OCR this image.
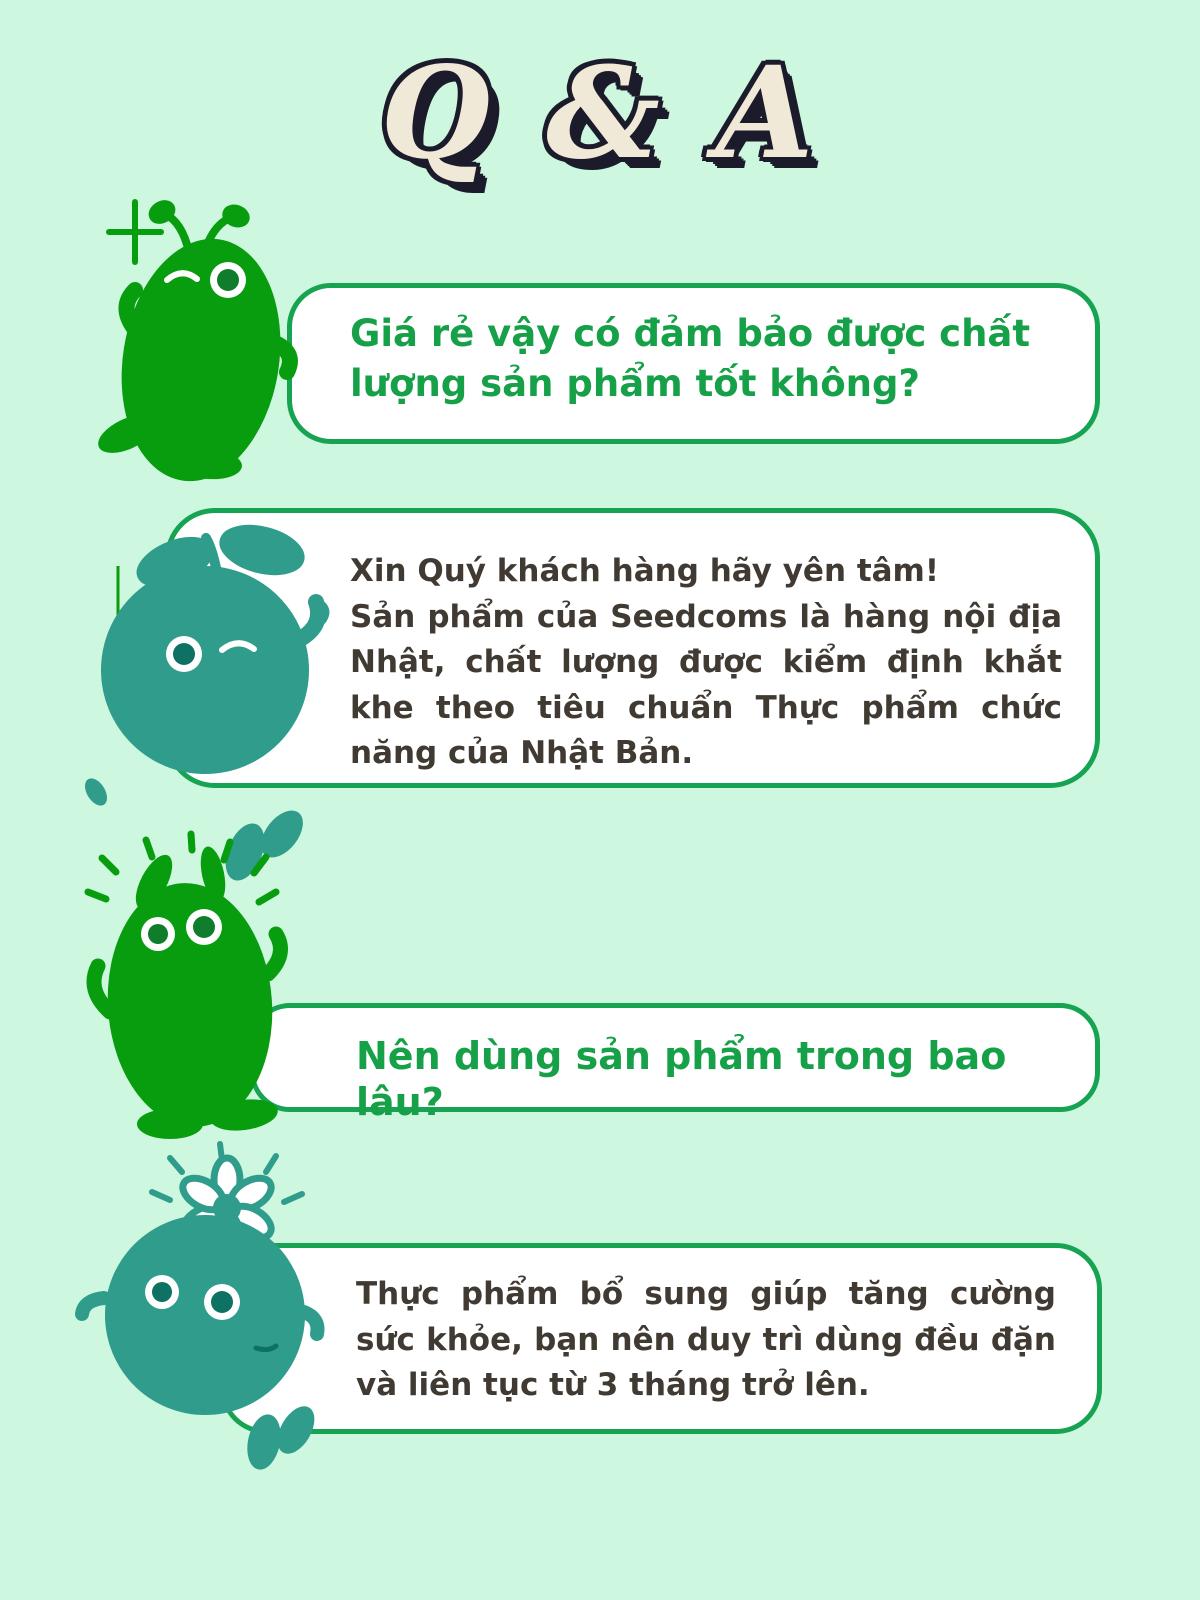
Q & A
Giá rẻ vậy có đảm bảo được chất lượng sản phẩm tốt không?

Xin Quý khách hàng hãy yên tâm!

Sản phẩm của Seedcoms là hàng nội địa Nhật, chất lượng được kiểm định khắt khe theo tiêu chuẩn Thực phẩm chức năng của Nhật Bản.

Nên dùng sản phẩm trong bao lâu?
Thực phẩm bổ sung giúp tăng cường sức khỏe, bạn nên duy trì dùng đều đặn và liên tục từ 3 tháng trở lên.
